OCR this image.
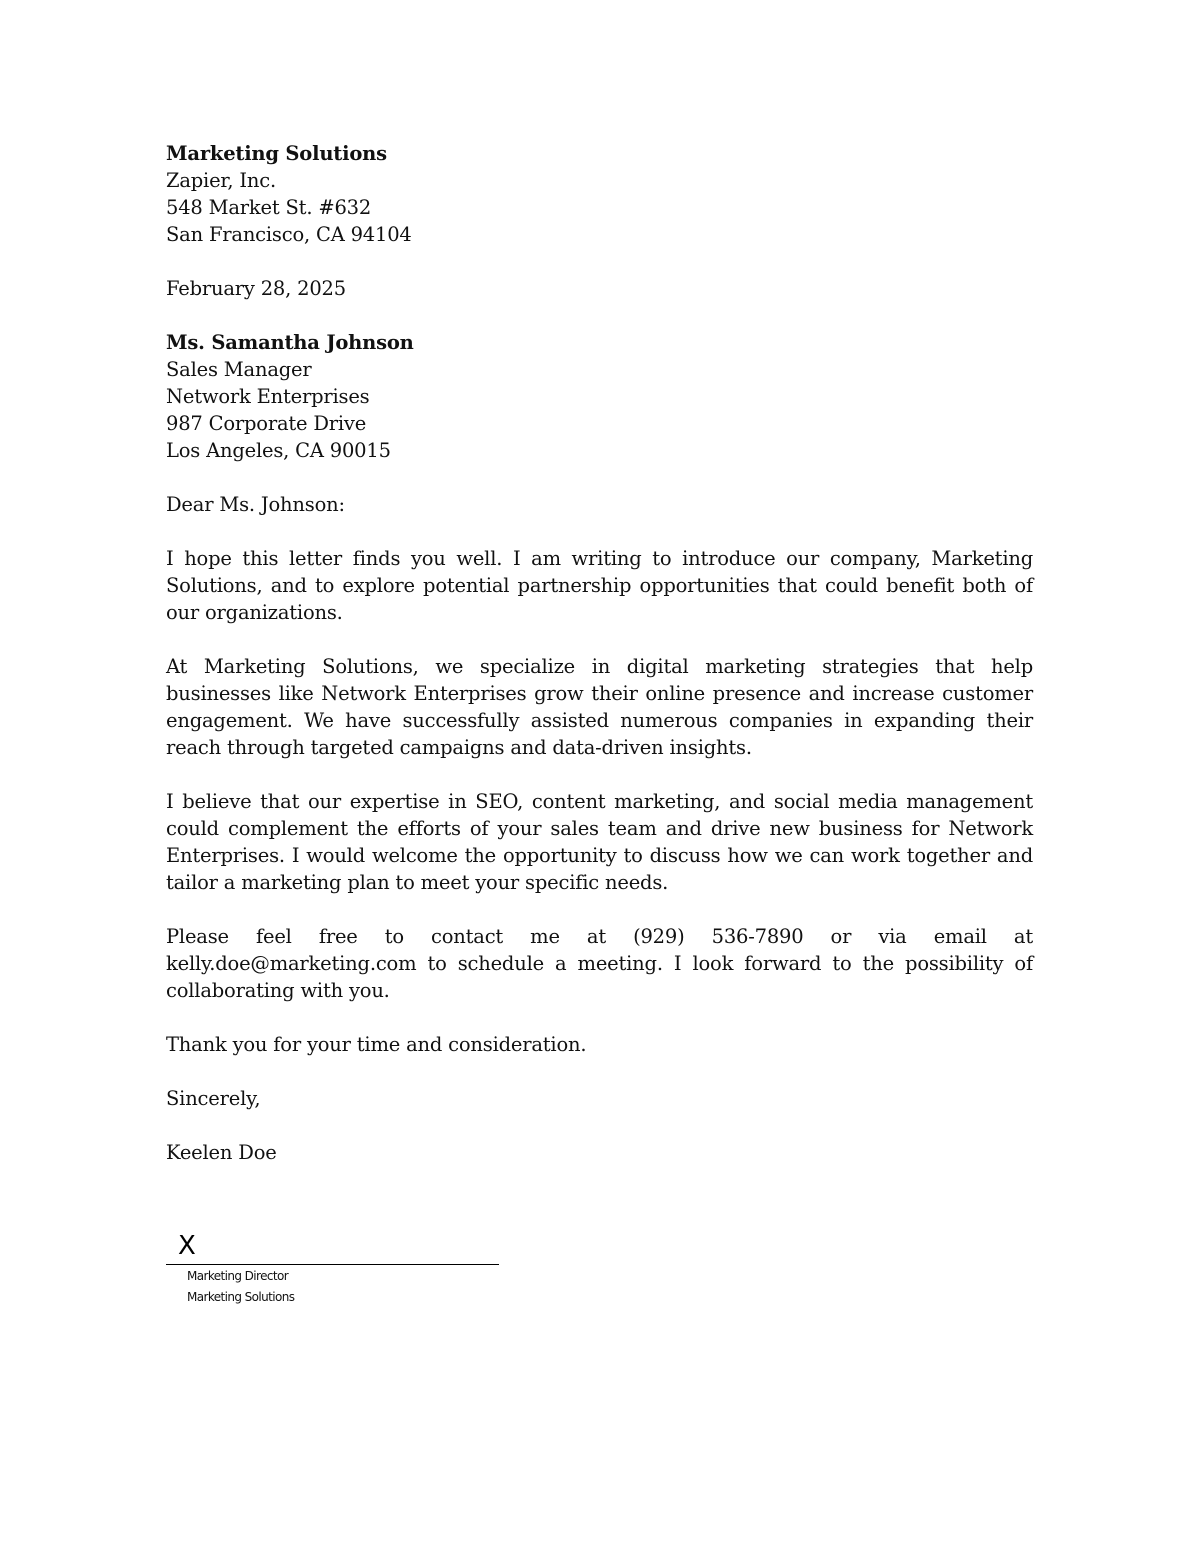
Marketing Solutions
Zapier, Inc.
548 Market St. #632
San Francisco, CA 94104
February 28, 2025
Ms. Samantha Johnson
Sales Manager
Network Enterprises
987 Corporate Drive
Los Angeles, CA 90015
Dear Ms. Johnson:

I hope this letter finds you well. I am writing to introduce our company, Marketing Solutions, and to explore potential partnership opportunities that could benefit both of our organizations.

At Marketing Solutions, we specialize in digital marketing strategies that help businesses like Network Enterprises grow their online presence and increase customer engagement. We have successfully assisted numerous companies in expanding their reach through targeted campaigns and data-driven insights.

I believe that our expertise in SEO, content marketing, and social media management could complement the efforts of your sales team and drive new business for Network Enterprises. I would welcome the opportunity to discuss how we can work together and tailor a marketing plan to meet your specific needs.

Please feel free to contact me at (929) 536-7890 or via email at kelly.doe@marketing.com to schedule a meeting. I look forward to the possibility of collaborating with you.

Thank you for your time and consideration.
Sincerely,
Keelen Doe
X
Marketing Director
Marketing Solutions
